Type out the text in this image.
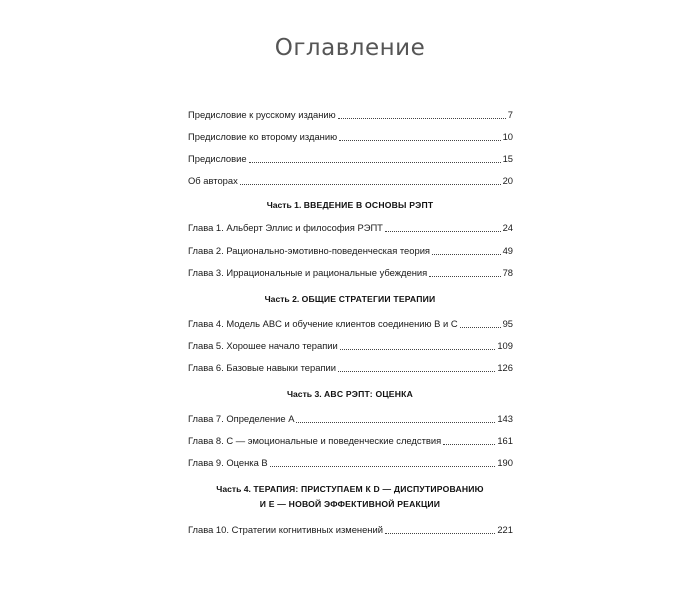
Оглавление
Предисловие к русскому изданию	7
Предисловие ко второму изданию	10
Предисловие	15
Об авторах	20
Часть 1. ВВЕДЕНИЕ В ОСНОВЫ РЭПТ
Глава 1. Альберт Эллис и философия РЭПТ	24
Глава 2. Рационально-эмотивно-поведенческая теория	49
Глава 3. Иррациональные и рациональные убеждения	78
Часть 2. ОБЩИЕ СТРАТЕГИИ ТЕРАПИИ
Глава 4. Модель ABC и обучение клиентов соединению B и C	95
Глава 5. Хорошее начало терапии	109
Глава 6. Базовые навыки терапии	126
Часть 3. ABC РЭПТ: ОЦЕНКА
Глава 7. Определение A	143
Глава 8. C — эмоциональные и поведенческие следствия	161
Глава 9. Оценка B	190
Часть 4. ТЕРАПИЯ: ПРИСТУПАЕМ К D — ДИСПУТИРОВАНИЮ
И E — НОВОЙ ЭФФЕКТИВНОЙ РЕАКЦИИ
Глава 10. Стратегии когнитивных изменений	221
